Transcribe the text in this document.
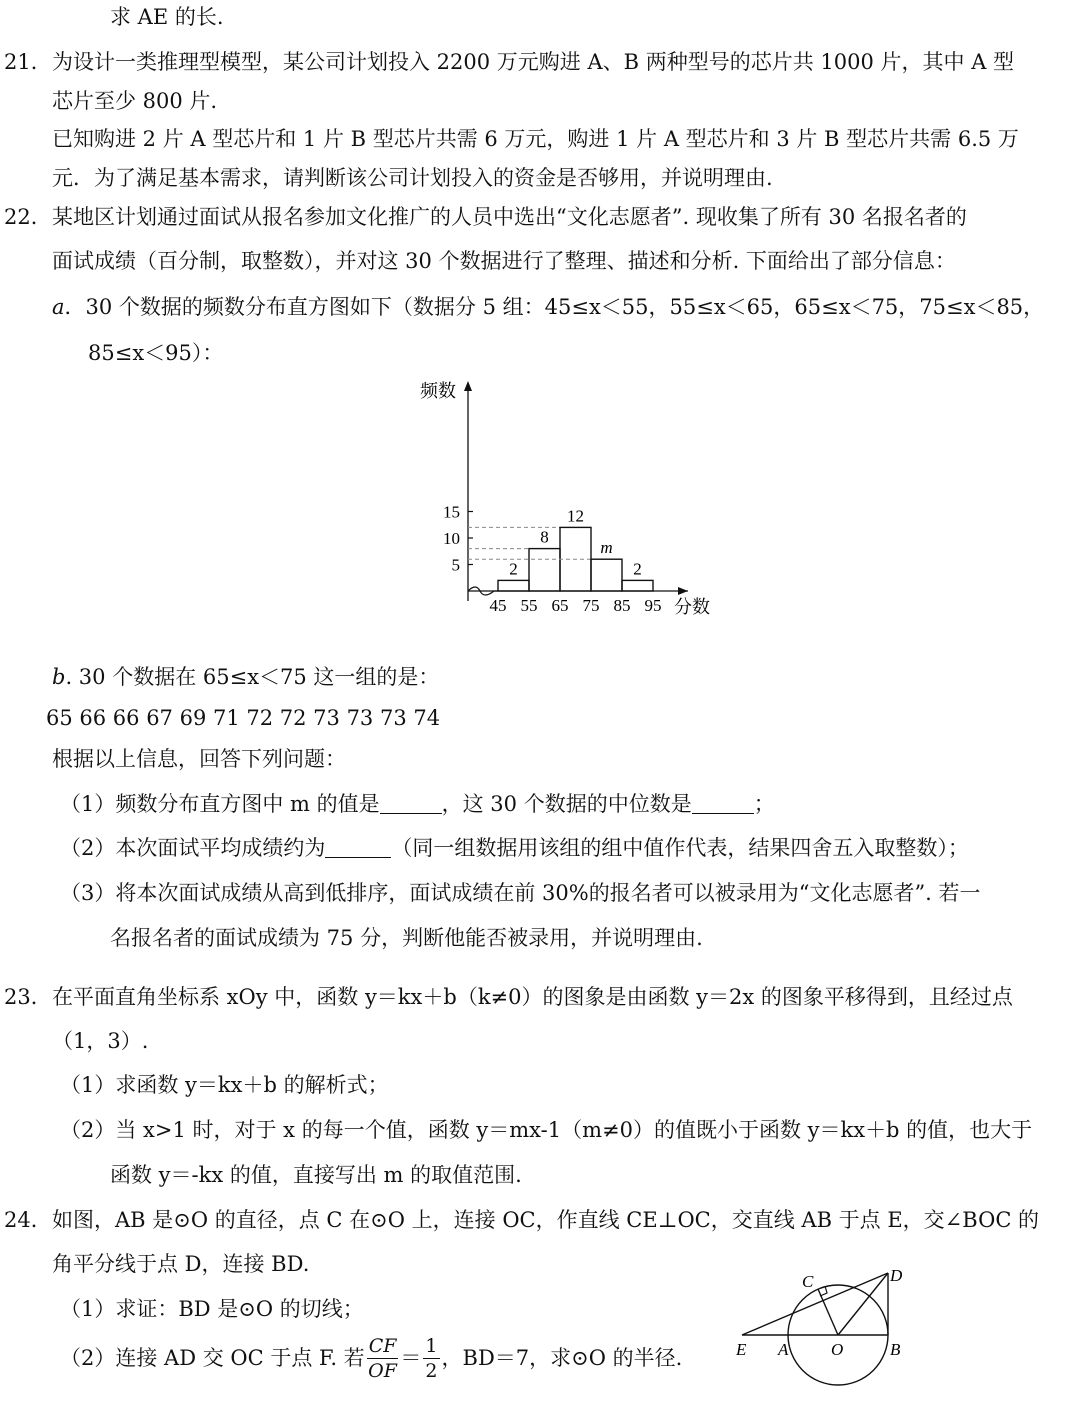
求 AE 的长.
21． 为设计一类推理型模型，某公司计划投入 2200 万元购进 A、B 两种型号的芯片共 1000 片，其中 A 型
芯片至少 800 片.
已知购进 2 片 A 型芯片和 1 片 B 型芯片共需 6 万元，购进 1 片 A 型芯片和 3 片 B 型芯片共需 6.5 万
元．为了满足基本需求，请判断该公司计划投入的资金是否够用，并说明理由.
22． 某地区计划通过面试从报名参加文化推广的人员中选出“文化志愿者”. 现收集了所有 30 名报名者的
面试成绩（百分制，取整数），并对这 30 个数据进行了整理、描述和分析. 下面给出了部分信息：
a．30 个数据的频数分布直方图如下（数据分 5 组：45≤x＜55，55≤x＜65，65≤x＜75，75≤x＜85，
85≤x＜95）：
5
10
15
频数
分数
2
8
12
m
2
45 55 65 75 85 95
b. 30 个数据在 65≤x＜75 这一组的是：
65 66 66 67 69 71 72 72 73 73 73 74
根据以上信息，回答下列问题：
（1）频数分布直方图中 m 的值是	，这 30 个数据的中位数是	；
（2）本次面试平均成绩约为	（同一组数据用该组的组中值作代表，结果四舍五入取整数）；
（3）将本次面试成绩从高到低排序，面试成绩在前 30%的报名者可以被录用为“文化志愿者”. 若一
名报名者的面试成绩为 75 分，判断他能否被录用，并说明理由.
23． 在平面直角坐标系 xOy 中，函数 y＝kx＋b（k≠0）的图象是由函数 y＝2x 的图象平移得到，且经过点
（1，3）.
（1）求函数 y＝kx＋b 的解析式；
（2）当 x>1 时，对于 x 的每一个值，函数 y＝mx-1（m≠0）的值既小于函数 y＝kx＋b 的值，也大于
函数 y＝-kx 的值，直接写出 m 的取值范围.
24． 如图，AB 是⊙O 的直径，点 C 在⊙O 上，连接 OC，作直线 CE⊥OC，交直线 AB 于点 E，交∠BOC 的
角平分线于点 D，连接 BD.
（1）求证：BD 是⊙O 的切线；
（2）连接 AD 交 OC 于点 F. 若 $\frac{CF}{OF} = \frac{1}{2}$ ，BD＝7，求⊙O 的半径.
D
C
E A	O	B
